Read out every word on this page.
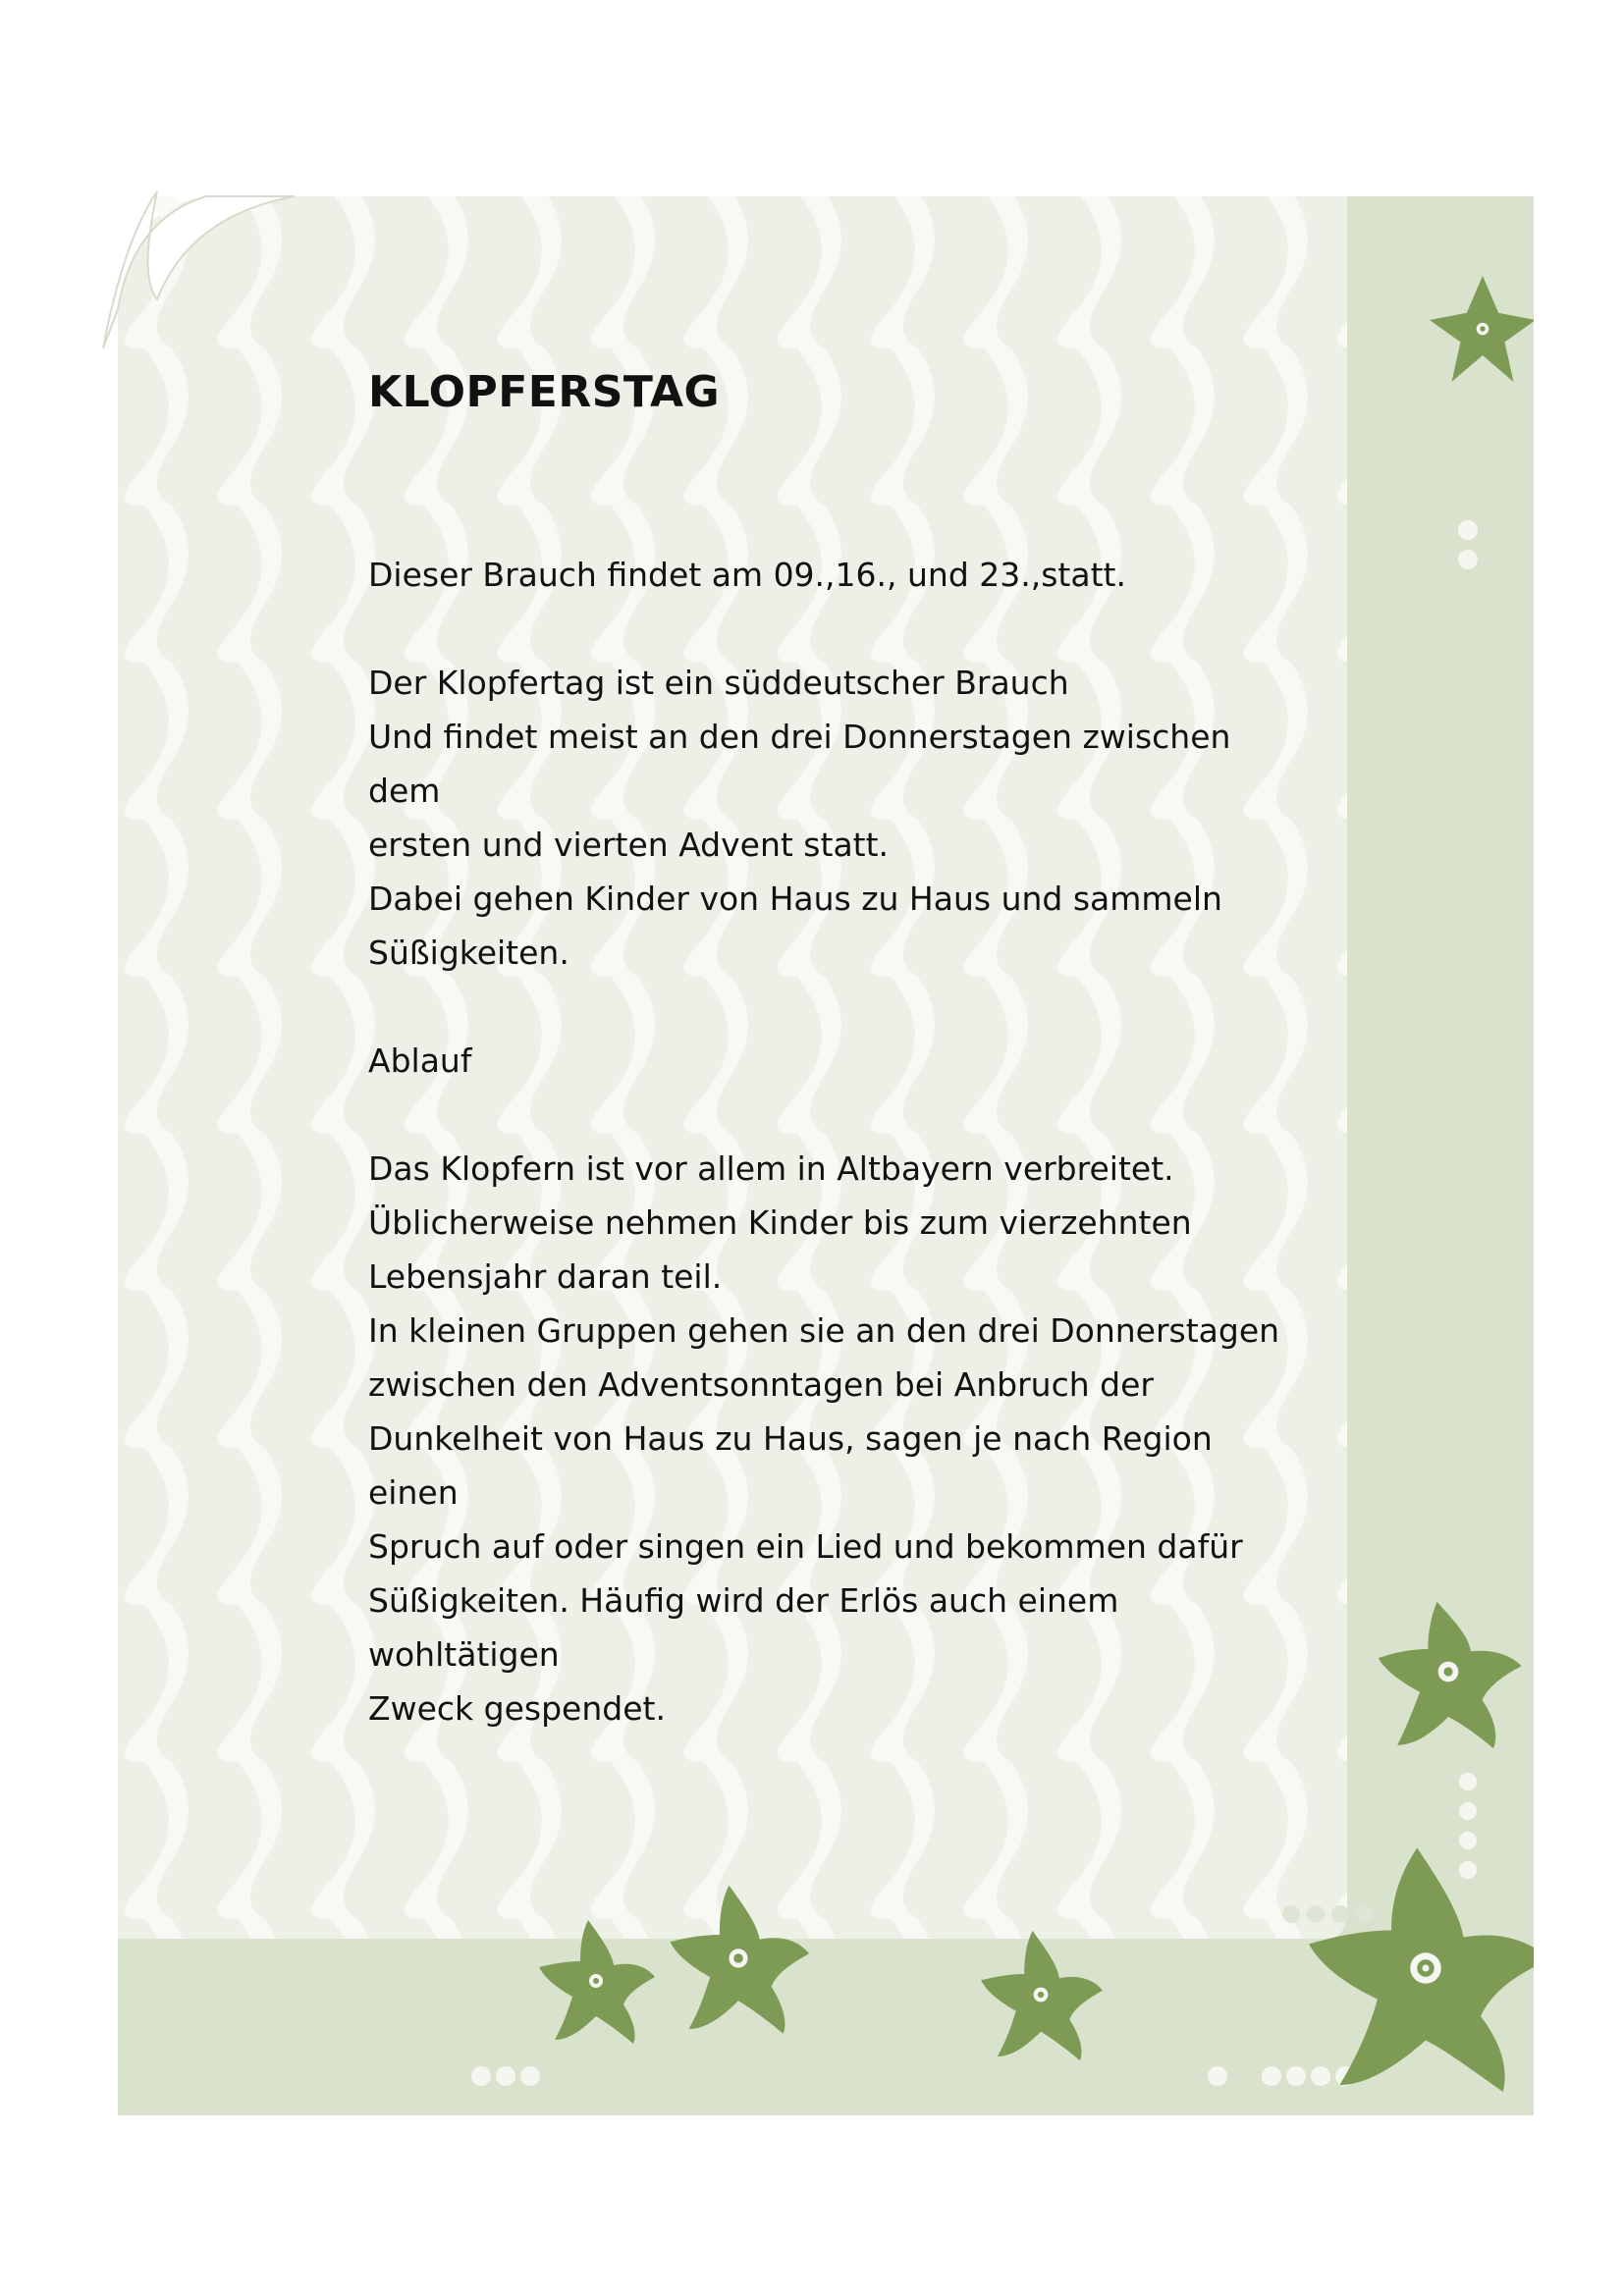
KLOPFERSTAG

Dieser Brauch findet am 09.,16., und 23.,statt.

Der Klopfertag ist ein süddeutscher Brauch
Und findet meist an den drei Donnerstagen zwischen dem
ersten und vierten Advent statt.
Dabei gehen Kinder von Haus zu Haus und sammeln
Süßigkeiten.

Ablauf

Das Klopfern ist vor allem in Altbayern verbreitet.
Üblicherweise nehmen Kinder bis zum vierzehnten
Lebensjahr daran teil.
In kleinen Gruppen gehen sie an den drei Donnerstagen
zwischen den Adventsonntagen bei Anbruch der
Dunkelheit von Haus zu Haus, sagen je nach Region einen
Spruch auf oder singen ein Lied und bekommen dafür
Süßigkeiten. Häufig wird der Erlös auch einem wohltätigen
Zweck gespendet.
